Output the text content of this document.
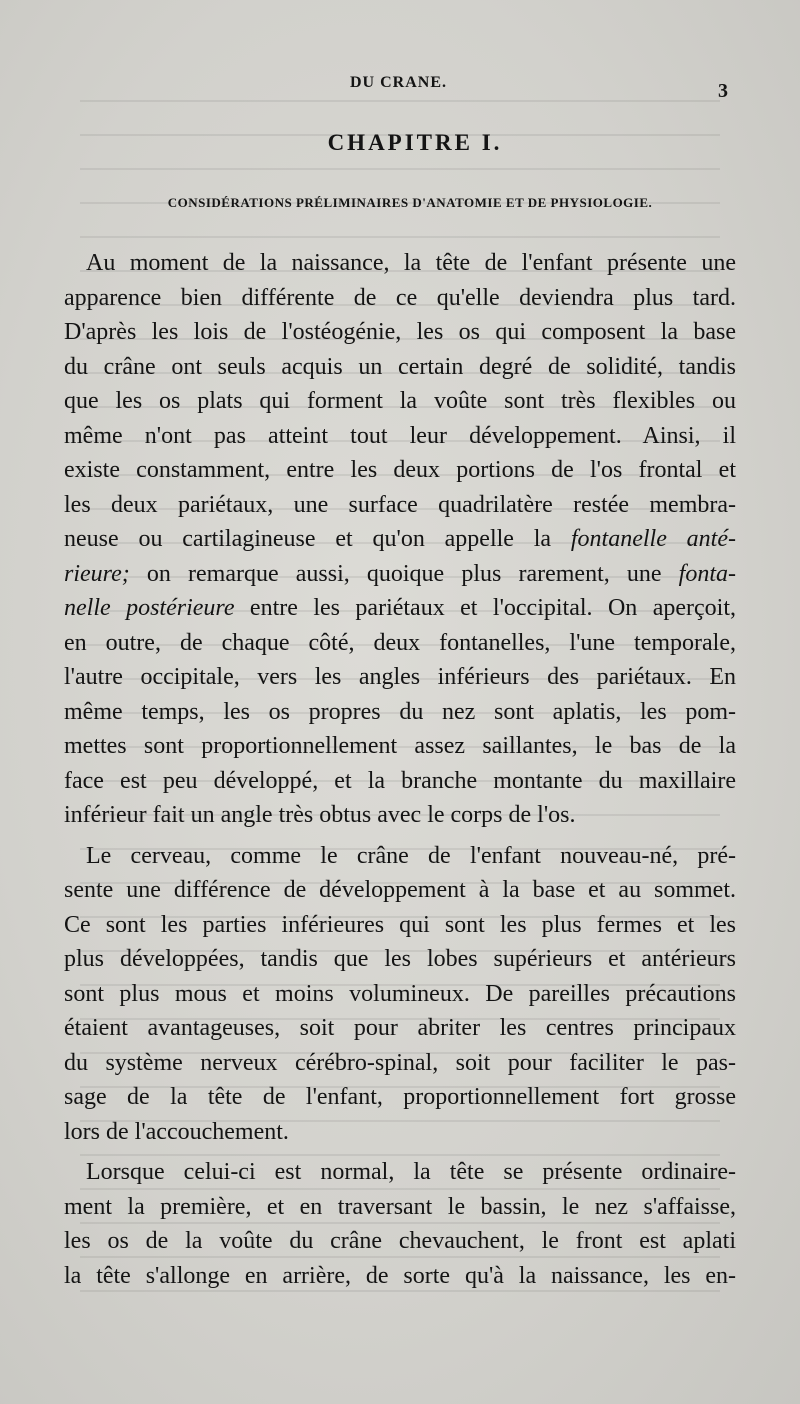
DU CRANE.	3
CHAPITRE I.
CONSIDÉRATIONS PRÉLIMINAIRES D'ANATOMIE ET DE PHYSIOLOGIE.
Au moment de la naissance, la tête de l'enfant présente une
apparence bien différente de ce qu'elle deviendra plus tard.
D'après les lois de l'ostéogénie, les os qui composent la base
du crâne ont seuls acquis un certain degré de solidité, tandis
que les os plats qui forment la voûte sont très flexibles ou
même n'ont pas atteint tout leur développement. Ainsi, il
existe constamment, entre les deux portions de l'os frontal et
les deux pariétaux, une surface quadrilatère restée membra-
neuse ou cartilagineuse et qu'on appelle la fontanelle anté-
rieure; on remarque aussi, quoique plus rarement, une fonta-
nelle postérieure entre les pariétaux et l'occipital. On aperçoit,
en outre, de chaque côté, deux fontanelles, l'une temporale,
l'autre occipitale, vers les angles inférieurs des pariétaux. En
même temps, les os propres du nez sont aplatis, les pom-
mettes sont proportionnellement assez saillantes, le bas de la
face est peu développé, et la branche montante du maxillaire
inférieur fait un angle très obtus avec le corps de l'os.
Le cerveau, comme le crâne de l'enfant nouveau-né, pré-
sente une différence de développement à la base et au sommet.
Ce sont les parties inférieures qui sont les plus fermes et les
plus développées, tandis que les lobes supérieurs et antérieurs
sont plus mous et moins volumineux. De pareilles précautions
étaient avantageuses, soit pour abriter les centres principaux
du système nerveux cérébro-spinal, soit pour faciliter le pas-
sage de la tête de l'enfant, proportionnellement fort grosse
lors de l'accouchement.
Lorsque celui-ci est normal, la tête se présente ordinaire-
ment la première, et en traversant le bassin, le nez s'affaisse,
les os de la voûte du crâne chevauchent, le front est aplati
la tête s'allonge en arrière, de sorte qu'à la naissance, les en-
